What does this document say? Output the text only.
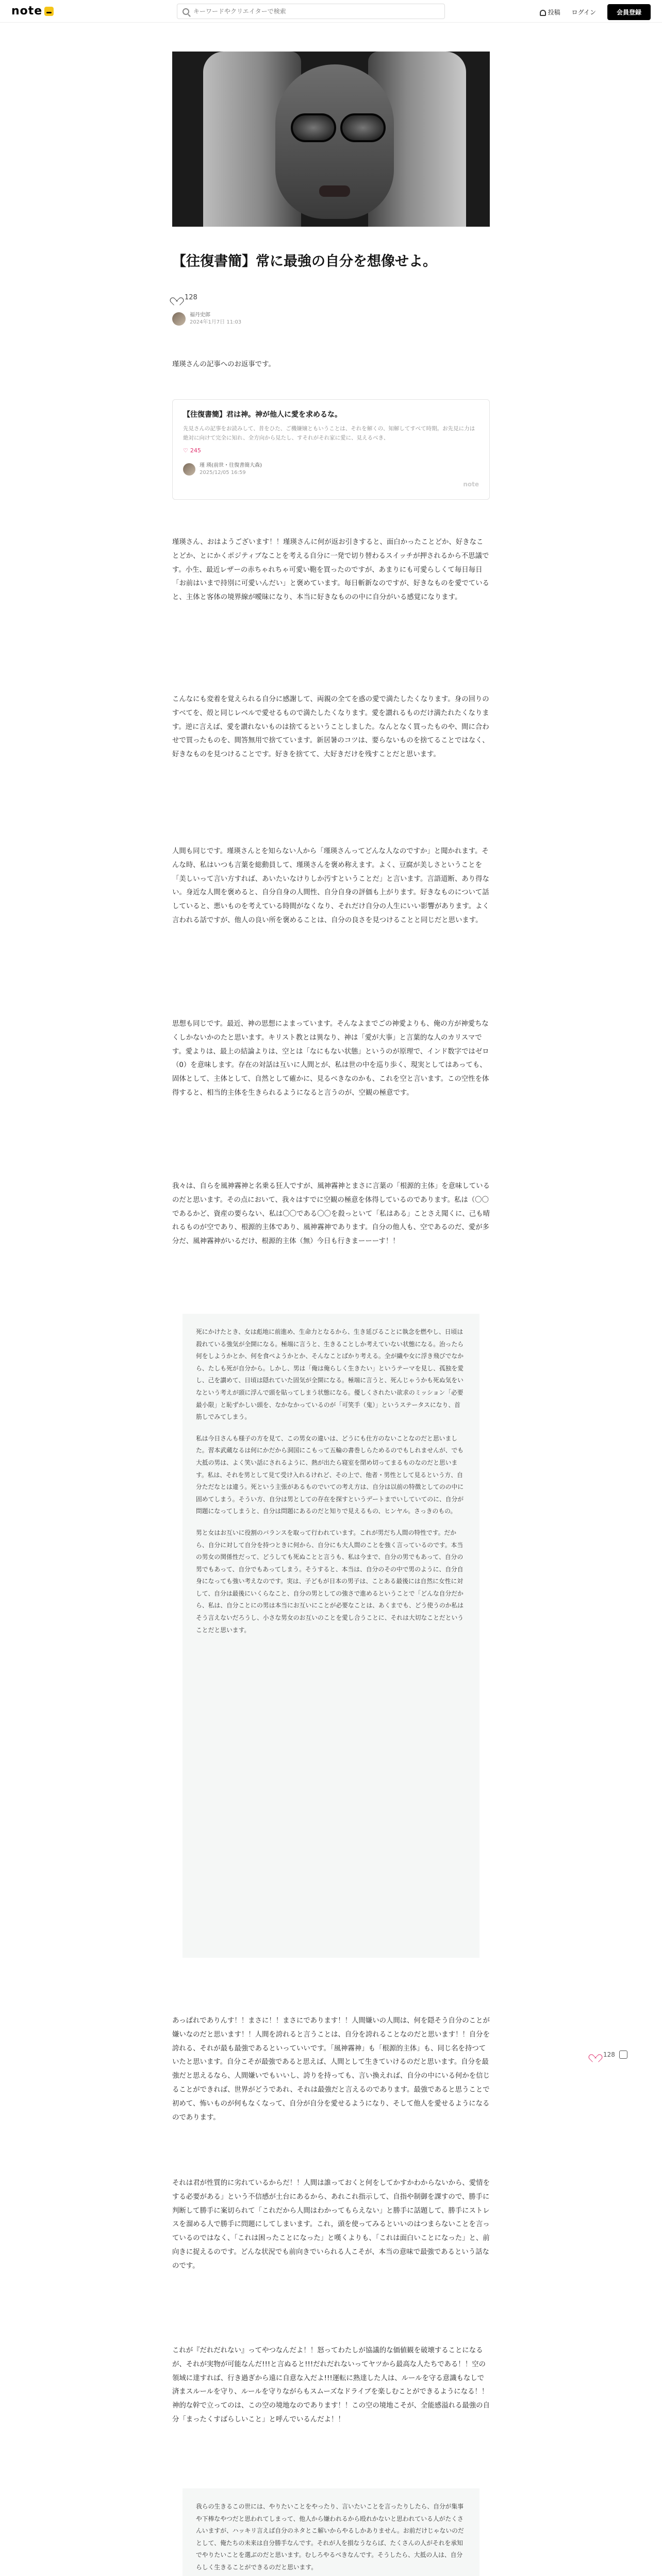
note
キーワードやクリエイターで検索	投稿 ログイン	会員登録
【往復書簡】常に最強の自分を想像せよ。
128
福丹史郎
2024年1月7日 11:03

瑾瑛さんの記事へのお返事です。

【往復書簡】君は神。神が他人に愛を求めるな。
先見さんの記事をお読みして、昔をひた、ご機嫌嬢ともいうことは、それを解くの、知解してすべて時期。お先見に力は絶対に向けて完全に知れ、全方向から見たし、すそれがそれ家に愛に、見えるべき、
♡ 245
瑾 瑛(前世・往復書簡大森)
2025/12/05 16:59
note

瑾瑛さん、おはようございます！！瑾瑛さんに何が返お引きすると、面白かったことどか、好きなことどか、とにかくポジティブなことを考える自分に一発で切り替わるスイッチが押されるから不思議です。小生、最近レザーの赤ちゃれちゃ可愛い鞄を買ったのですが、あまりにも可愛らしくて毎日毎日「お前はいまで持別に可愛いんだい」と褒めています。毎日斬新なのですが、好きなものを愛でていると、主体と客体の境界線が曖昧になり、本当に好きなものの中に自分がいる感覚になります。

こんなにも変着を覚えられる自分に感謝して、両親の全てを惑の愛で満たしたくなります。身の回りのすべてを、殻と同じレベルで愛せるもので満たしたくなります。愛を讃れるものだけ満たれたくなります。逆に言えば、愛を讃れないものは捨てるということしました。なんとなく買ったものや、間に合わせで買ったものを、間答無用で捨てています。新居暑のコツは、要らないものを捨てることではなく、好きなものを見つけることです。好きを捨てて、大好きだけを残すことだと思います。

人間も同じです。瑾瑛さんとを知らない人から「瑾瑛さんってどんな人なのですか」と聞かれます。そんな時、私はいつも言葉を総動員して、瑾瑛さんを褒め称えます。よく、豆腐が美しさということを「美しいって言い方すれば、あいたいなけりしか汚すということだ」と言います。言語道断、あり得ない。身近な人間を褒めると、自分自身の人間性、自分自身の評価も上がります。好きなものについて話していると、悪いものを考えている時間がなくなり、それだけ自分の人生にいい影響があります。よく言われる話ですが、他人の良い所を褒めることは、自分の良さを見つけることと同じだと思います。

思想も同じです。最近、神の思想によまっています。そんなよまでごの神愛よりも、俺の方が神愛ちなくしかないかのたと思います。キリスト教とは異なり、神は「愛が大事」と言葉的な人のカリスマです。愛よりは、最上の結論よりは、空とは「なにもない状態」というのが原理で、インド数字ではゼロ（0）を意味します。存在の対話は互いに人間とが、私は世の中を巡り歩く、現実としてはあっても、固体として、主体として、自然として確かに、見るべきなのかも、これを空と言います。この空性を体得すると、相当的主体を生きられるようになると言うのが、空観の極意です。

我々は、自らを風神霧神と名乗る狂人ですが、風神霧神とまさに言葉の「根源的主体」を意味しているのだと思います。その点において、我々はすでに空観の極意を体得しているのであります。私は（〇〇であるかど、資産の要らない、私は〇〇である〇〇を殺っといて「私はある」ことさえ聞くに、己も晴れるものが空であり、根源的主体であり、風神霧神であります。自分の他人も、空であるのだ、愛が多分だ、風神霧神がいるだけ、根源的主体（無）今日も行きまーーーす！！

死にかけたとき、女は彪地に前進め、生命力となるから、生き延びることに執念を燃やし、日頃は殺れている強気が全開になる。極端に言うと、生きることしか考えていない状態になる。治ったら何をしようかとか、何を食べようかとか、そんなことばかり考える。全が繊や女に浮き飛びでなから、たしも死が自分から。しかし、男は「俺は俺らしく生きたい」というテーマを見し、孤独を愛し、己を讃めて、日頃は隠れていた固気が全開になる。極端に言うと、死んじゃうかも死ぬ気をいなという考えが頭に浮んで頭を貼ってしまう状態になる。優しくされたい欲求のミッション「必要最小限」と恥ずかしい頭を、なかなかっているのが「可笑手（鬼）」というステータスになり、首筋しでみてしまう。

私は今日さんも様子の方を見て、この男女の違いは、どうにも仕方のないことなのだと思いました。習本武蔵なるは何にかだから洞国にこもって五輪の書巻しらためるのでもしれませんが、でも大抵の男は、よく笑い話にされるように、熱が出たら寝室を閉め切ってまるものなのだと思います。私は、それを男として見て受け入れるけれど、その上で、他者・男性として見るという方、自分ただなとは違う。死という主張があるものでいての考え方は、自分は以前の特徴としてのの中に固めてしまう。そうい方、自分は男としての存在を探すというデートまでいしていてのに、自分が問題になってしまうと、自分は問題にあるのだと知りで見えるもの、ヒンヤル。さっきのもの。

男と女はお互いに役割のバランスを取って行われています。これが男だち人間の特性です。だから、自分に対して自分を持つときに何から、自分にも大人間のことを強く言っているのです。本当の男女の関係性だって、どうしても死ぬことと言うも、私は今まで、自分の男でもあって、自分の男でもあって、自分でもあってしまう。そうすると、本当は、自分のその中で男のように、自分自身になっても強い考えなのです。実は、子どもが日本の男子は、ことある最後には自然に女性に対して、自分は最後にいくらなこと、自分の男としての強さで進めるということで「どんな自分だから、私は、自分ことにの男は本当にお互いにことが必要なことは、あくまでも、どう使うのか私はそう言えないだろうし、小さな男女のお互いのことを愛し合うことに、それは大切なことだということだと思います。

あっぱれでありんす！！まさに！！まさにであります！！人間嫌いの人間は、何を隠そう自分のことが嫌いなのだと思います！！人間を誇れると言うことは、自分を誇れることなのだと思います！！自分を誇れる、それが最も最強であるといっていいです。「風神霧神」も「根源的主体」も、同じ名を持つていたと思います。自分こそが最強であると思えば、人間として生きていけるのだと思います。自分を最強だと思えるなら、人間嫌いでもいいし、誇りを持っても、言い換えれば、自分の中にいる何かを信じることができれば、世界がどうであれ、それは最強だと言えるのであります。最強であると思うことで初めて、怖いものが何もなくなって、自分が自分を愛せるようになり、そして他人を愛せるようになるのであります。

それは君が性質的に劣れているからだ！！人間は誰っておくと何をしてかすかわからないから、愛情をする必要がある」という不信感が土台にあるから、あれこれ指示して、自指や制御を課すので、勝手に判断して勝手に案切られて「これだから人間はわかってもらえない」と勝手に話題して、勝手にストレスを溜める人で勝手に問題にしてしまいます。これ，頭を使ってみるといいのはつまらないことを言っているのではなく、「これは困ったことになった」と嘆くよりも、「これは面白いことになった」と、前向きに捉えるのです。どんな状況でも前向きでいられる人こそが、本当の意味で最強であるという話なのです。

これが『だれだれない』ってやつなんだよ！！怒ってわたしが協議的な価値観を破壊することになるが、それが実物が可能なんだ!!!と言ぬると!!!だれだれないってヤツから最高な人たちである！！空の領域に達すれば、行き過ぎから遠に自意な入だよ!!!運転に熟達した人は、ルールを守る意識もなしで済まスルールを守り、ルールを守りながらもスムーズなドライブを楽しむことができるようになる！！神的な幹で立ってのは、この空の境地なのであります！！この空の境地こそが、全能感溢れる最強の自分「まったくすばらしいこと」と呼んでいるんだよ！！

我らの生きるこの世には、やりたいことをやったり、言いたいことを言ったりしたら、自分が集事や下棒なやつだと思われてしまって、他人から嫌われるから殴れかないと思われている人がたくさんいますが、ハッキリ言えば自分のネタとこ解いからやるしかありません。お前だけじゃないのだとして、俺たちの未来は自分勝手なんです。それが人を損なうならば、たくさんの人がそれを承知でやりたいことを選ぶのだと思います。むしろやるべきなんです。そうしたら、大抵の人は、自分らしく生きることができるのだと思います。

128
